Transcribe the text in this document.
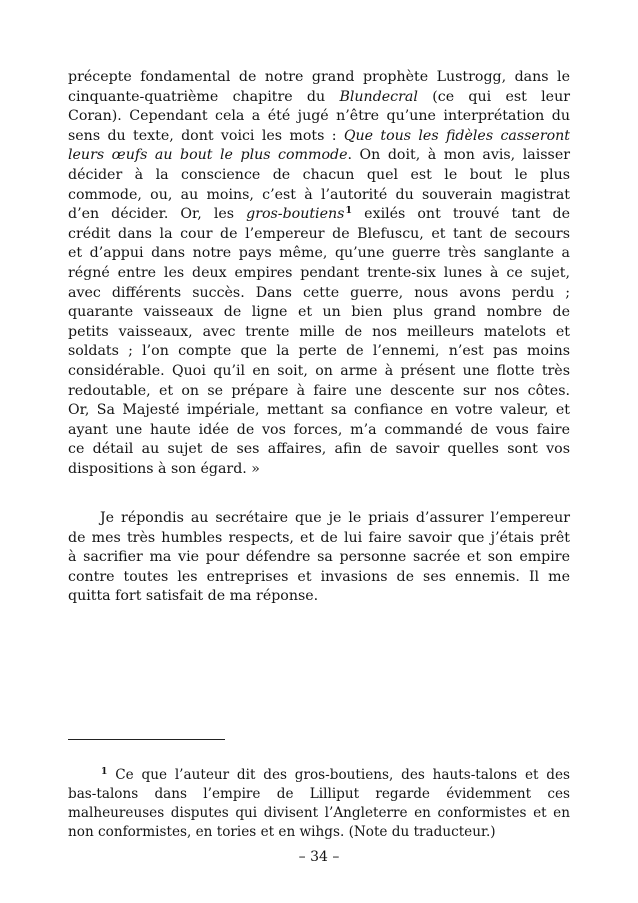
précepte fondamental de notre grand prophète Lustrogg, dans le
cinquante-quatrième chapitre du Blundecral (ce qui est leur
Coran). Cependant cela a été jugé n’être qu’une interprétation du
sens du texte, dont voici les mots : Que tous les fidèles casseront
leurs œufs au bout le plus commode. On doit, à mon avis, laisser
décider à la conscience de chacun quel est le bout le plus
commode, ou, au moins, c’est à l’autorité du souverain magistrat
d’en décider. Or, les gros-boutiens$^1$ exilés ont trouvé tant de
crédit dans la cour de l’empereur de Blefuscu, et tant de secours
et d’appui dans notre pays même, qu’une guerre très sanglante a
régné entre les deux empires pendant trente-six lunes à ce sujet,
avec différents succès. Dans cette guerre, nous avons perdu ;
quarante vaisseaux de ligne et un bien plus grand nombre de
petits vaisseaux, avec trente mille de nos meilleurs matelots et
soldats ; l’on compte que la perte de l’ennemi, n’est pas moins
considérable. Quoi qu’il en soit, on arme à présent une flotte très
redoutable, et on se prépare à faire une descente sur nos côtes.
Or, Sa Majesté impériale, mettant sa confiance en votre valeur, et
ayant une haute idée de vos forces, m’a commandé de vous faire
ce détail au sujet de ses affaires, afin de savoir quelles sont vos
dispositions à son égard. »
Je répondis au secrétaire que je le priais d’assurer l’empereur
de mes très humbles respects, et de lui faire savoir que j’étais prêt
à sacrifier ma vie pour défendre sa personne sacrée et son empire
contre toutes les entreprises et invasions de ses ennemis. Il me
quitta fort satisfait de ma réponse.
$^1$ Ce que l’auteur dit des gros-boutiens, des hauts-talons et des
bas-talons dans l’empire de Lilliput regarde évidemment ces
malheureuses disputes qui divisent l’Angleterre en conformistes et en
non conformistes, en tories et en wihgs. (Note du traducteur.)
– 34 –
